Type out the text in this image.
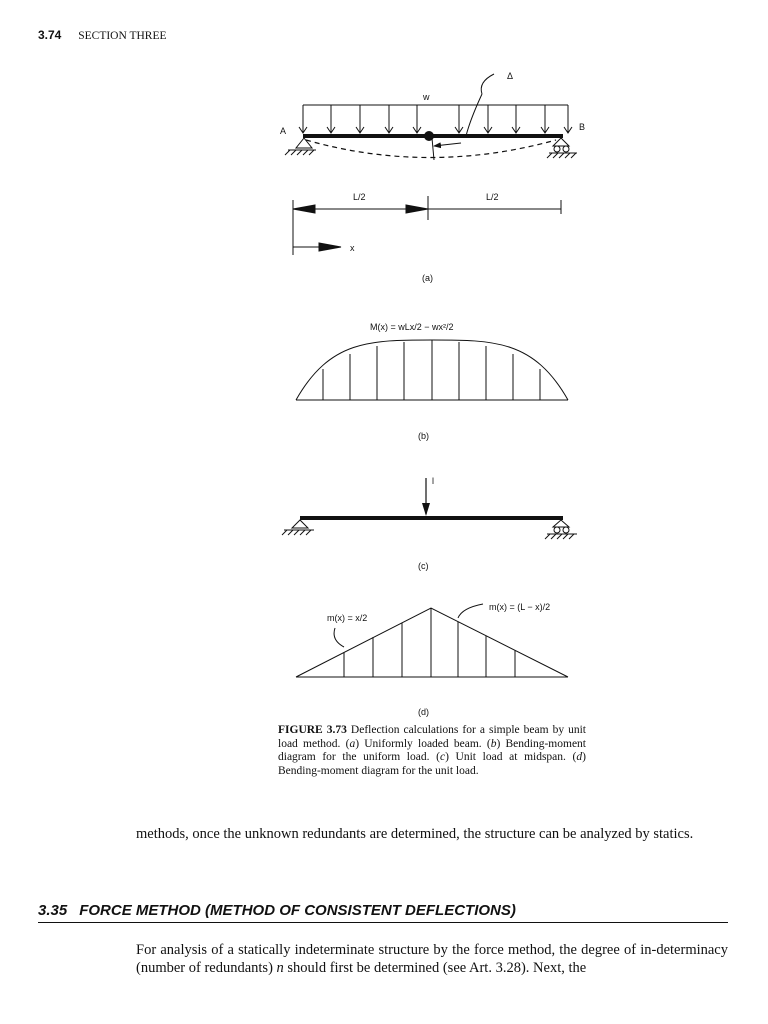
3.74 SECTION THREE
w
Δ
A	B
L/2	L/2
x
(a)
M(x) = wLx/2 − wx²/2
(b)
l
(c)
m(x) = x/2
m(x) = (L − x)/2
(d)
FIGURE 3.73 Deflection calculations for a simple beam by unit load method. (a) Uniformly loaded beam. (b) Bending-moment diagram for the uniform load. (c) Unit load at midspan. (d) Bending-moment diagram for the unit load.
methods, once the unknown redundants are determined, the structure can be analyzed by statics.
3.35 FORCE METHOD (METHOD OF CONSISTENT DEFLECTIONS)
For analysis of a statically indeterminate structure by the force method, the degree of in-determinacy (number of redundants) n should first be determined (see Art. 3.28). Next, the
